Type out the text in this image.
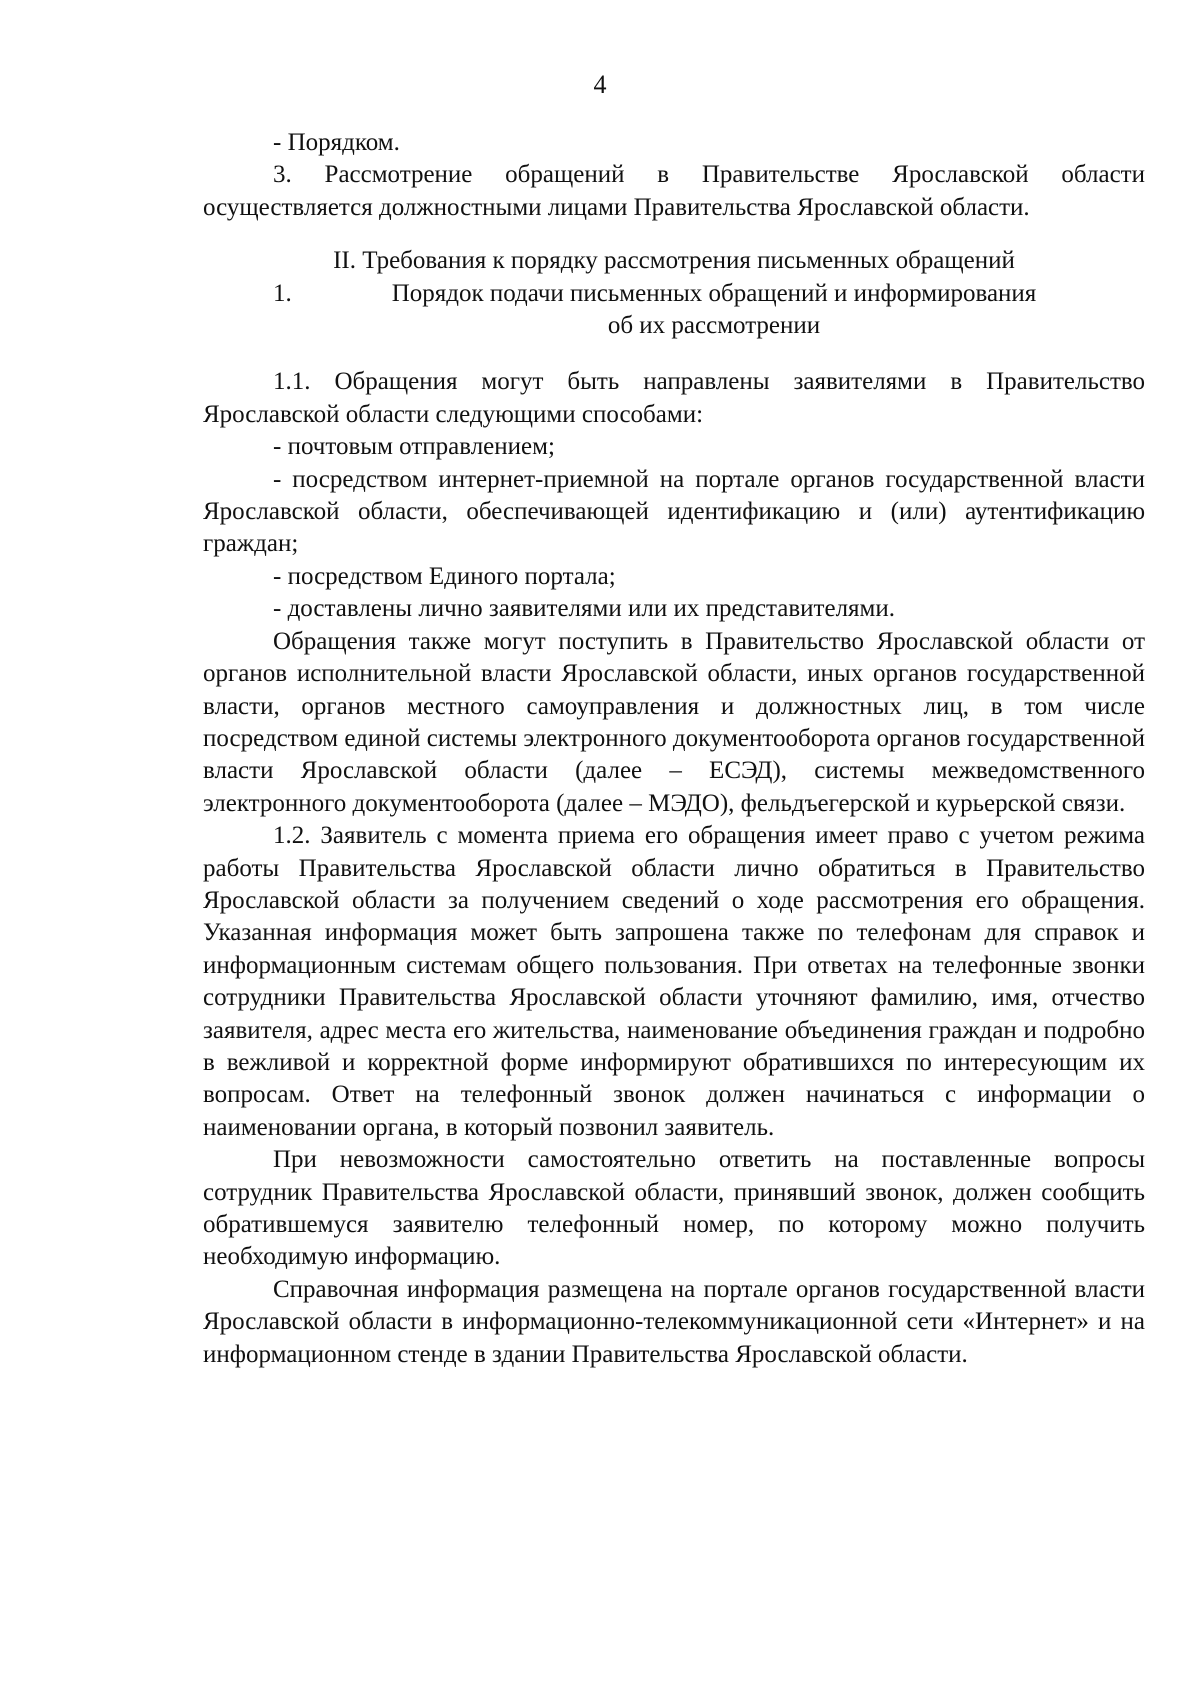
4

- Порядком.

3. Рассмотрение обращений в Правительстве Ярославской области осуществляется должностными лицами Правительства Ярославской области.

II. Требования к порядку рассмотрения письменных обращений

1.	Порядок подачи письменных обращений и информирования
об их рассмотрении

1.1. Обращения могут быть направлены заявителями в Правительство Ярославской области следующими способами:

- почтовым отправлением;

- посредством интернет-приемной на портале органов государственной власти Ярославской области, обеспечивающей идентификацию и (или) аутентификацию граждан;

- посредством Единого портала;

- доставлены лично заявителями или их представителями.

Обращения также могут поступить в Правительство Ярославской области от органов исполнительной власти Ярославской области, иных органов государственной власти, органов местного самоуправления и должностных лиц, в том числе посредством единой системы электронного документооборота органов государственной власти Ярославской области (далее – ЕСЭД), системы межведомственного электронного документооборота (далее – МЭДО), фельдъегерской и курьерской связи.

1.2. Заявитель с момента приема его обращения имеет право с учетом режима работы Правительства Ярославской области лично обратиться в Правительство Ярославской области за получением сведений о ходе рассмотрения его обращения. Указанная информация может быть запрошена также по телефонам для справок и информационным системам общего пользования. При ответах на телефонные звонки сотрудники Правительства Ярославской области уточняют фамилию, имя, отчество заявителя, адрес места его жительства, наименование объединения граждан и подробно в вежливой и корректной форме информируют обратившихся по интересующим их вопросам. Ответ на телефонный звонок должен начинаться с информации о наименовании органа, в который позвонил заявитель.

При невозможности самостоятельно ответить на поставленные вопросы сотрудник Правительства Ярославской области, принявший звонок, должен сообщить обратившемуся заявителю телефонный номер, по которому можно получить необходимую информацию.

Справочная информация размещена на портале органов государственной власти Ярославской области в информационно-телекоммуникационной сети «Интернет» и на информационном стенде в здании Правительства Ярославской области.
